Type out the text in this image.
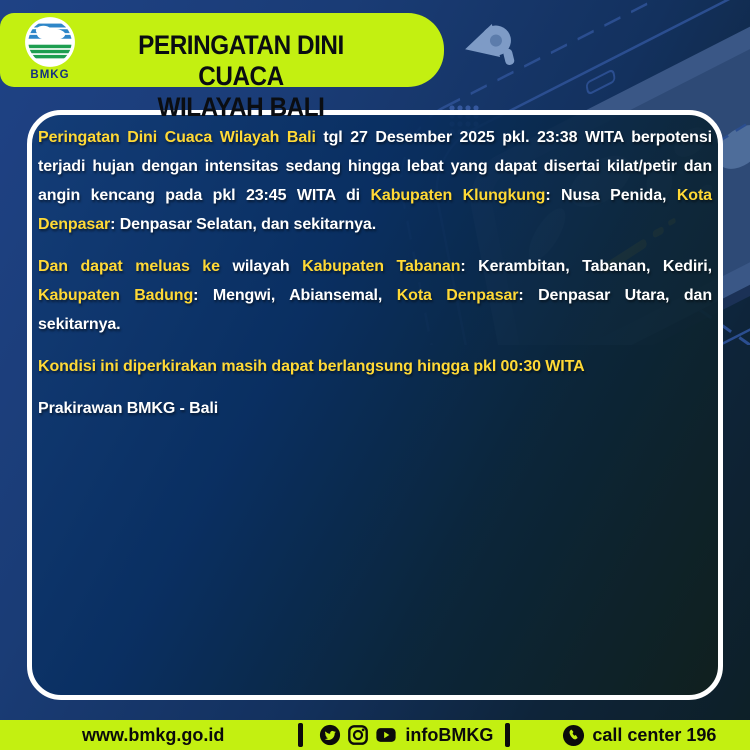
BMKG
PERINGATAN DINI CUACA
WILAYAH BALI

Peringatan Dini Cuaca Wilayah Bali tgl 27 Desember 2025 pkl. 23:38 WITA berpotensi terjadi hujan dengan intensitas sedang hingga lebat yang dapat disertai kilat/petir dan angin kencang pada pkl 23:45 WITA di Kabupaten Klungkung: Nusa Penida, Kota Denpasar: Denpasar Selatan, dan sekitarnya.

Dan dapat meluas ke wilayah Kabupaten Tabanan: Kerambitan, Tabanan, Kediri, Kabupaten Badung: Mengwi, Abiansemal, Kota Denpasar: Denpasar Utara, dan sekitarnya.

Kondisi ini diperkirakan masih dapat berlangsung hingga pkl 00:30 WITA

Prakirawan BMKG - Bali

www.bmkg.go.id	infoBMKG	call center 196
